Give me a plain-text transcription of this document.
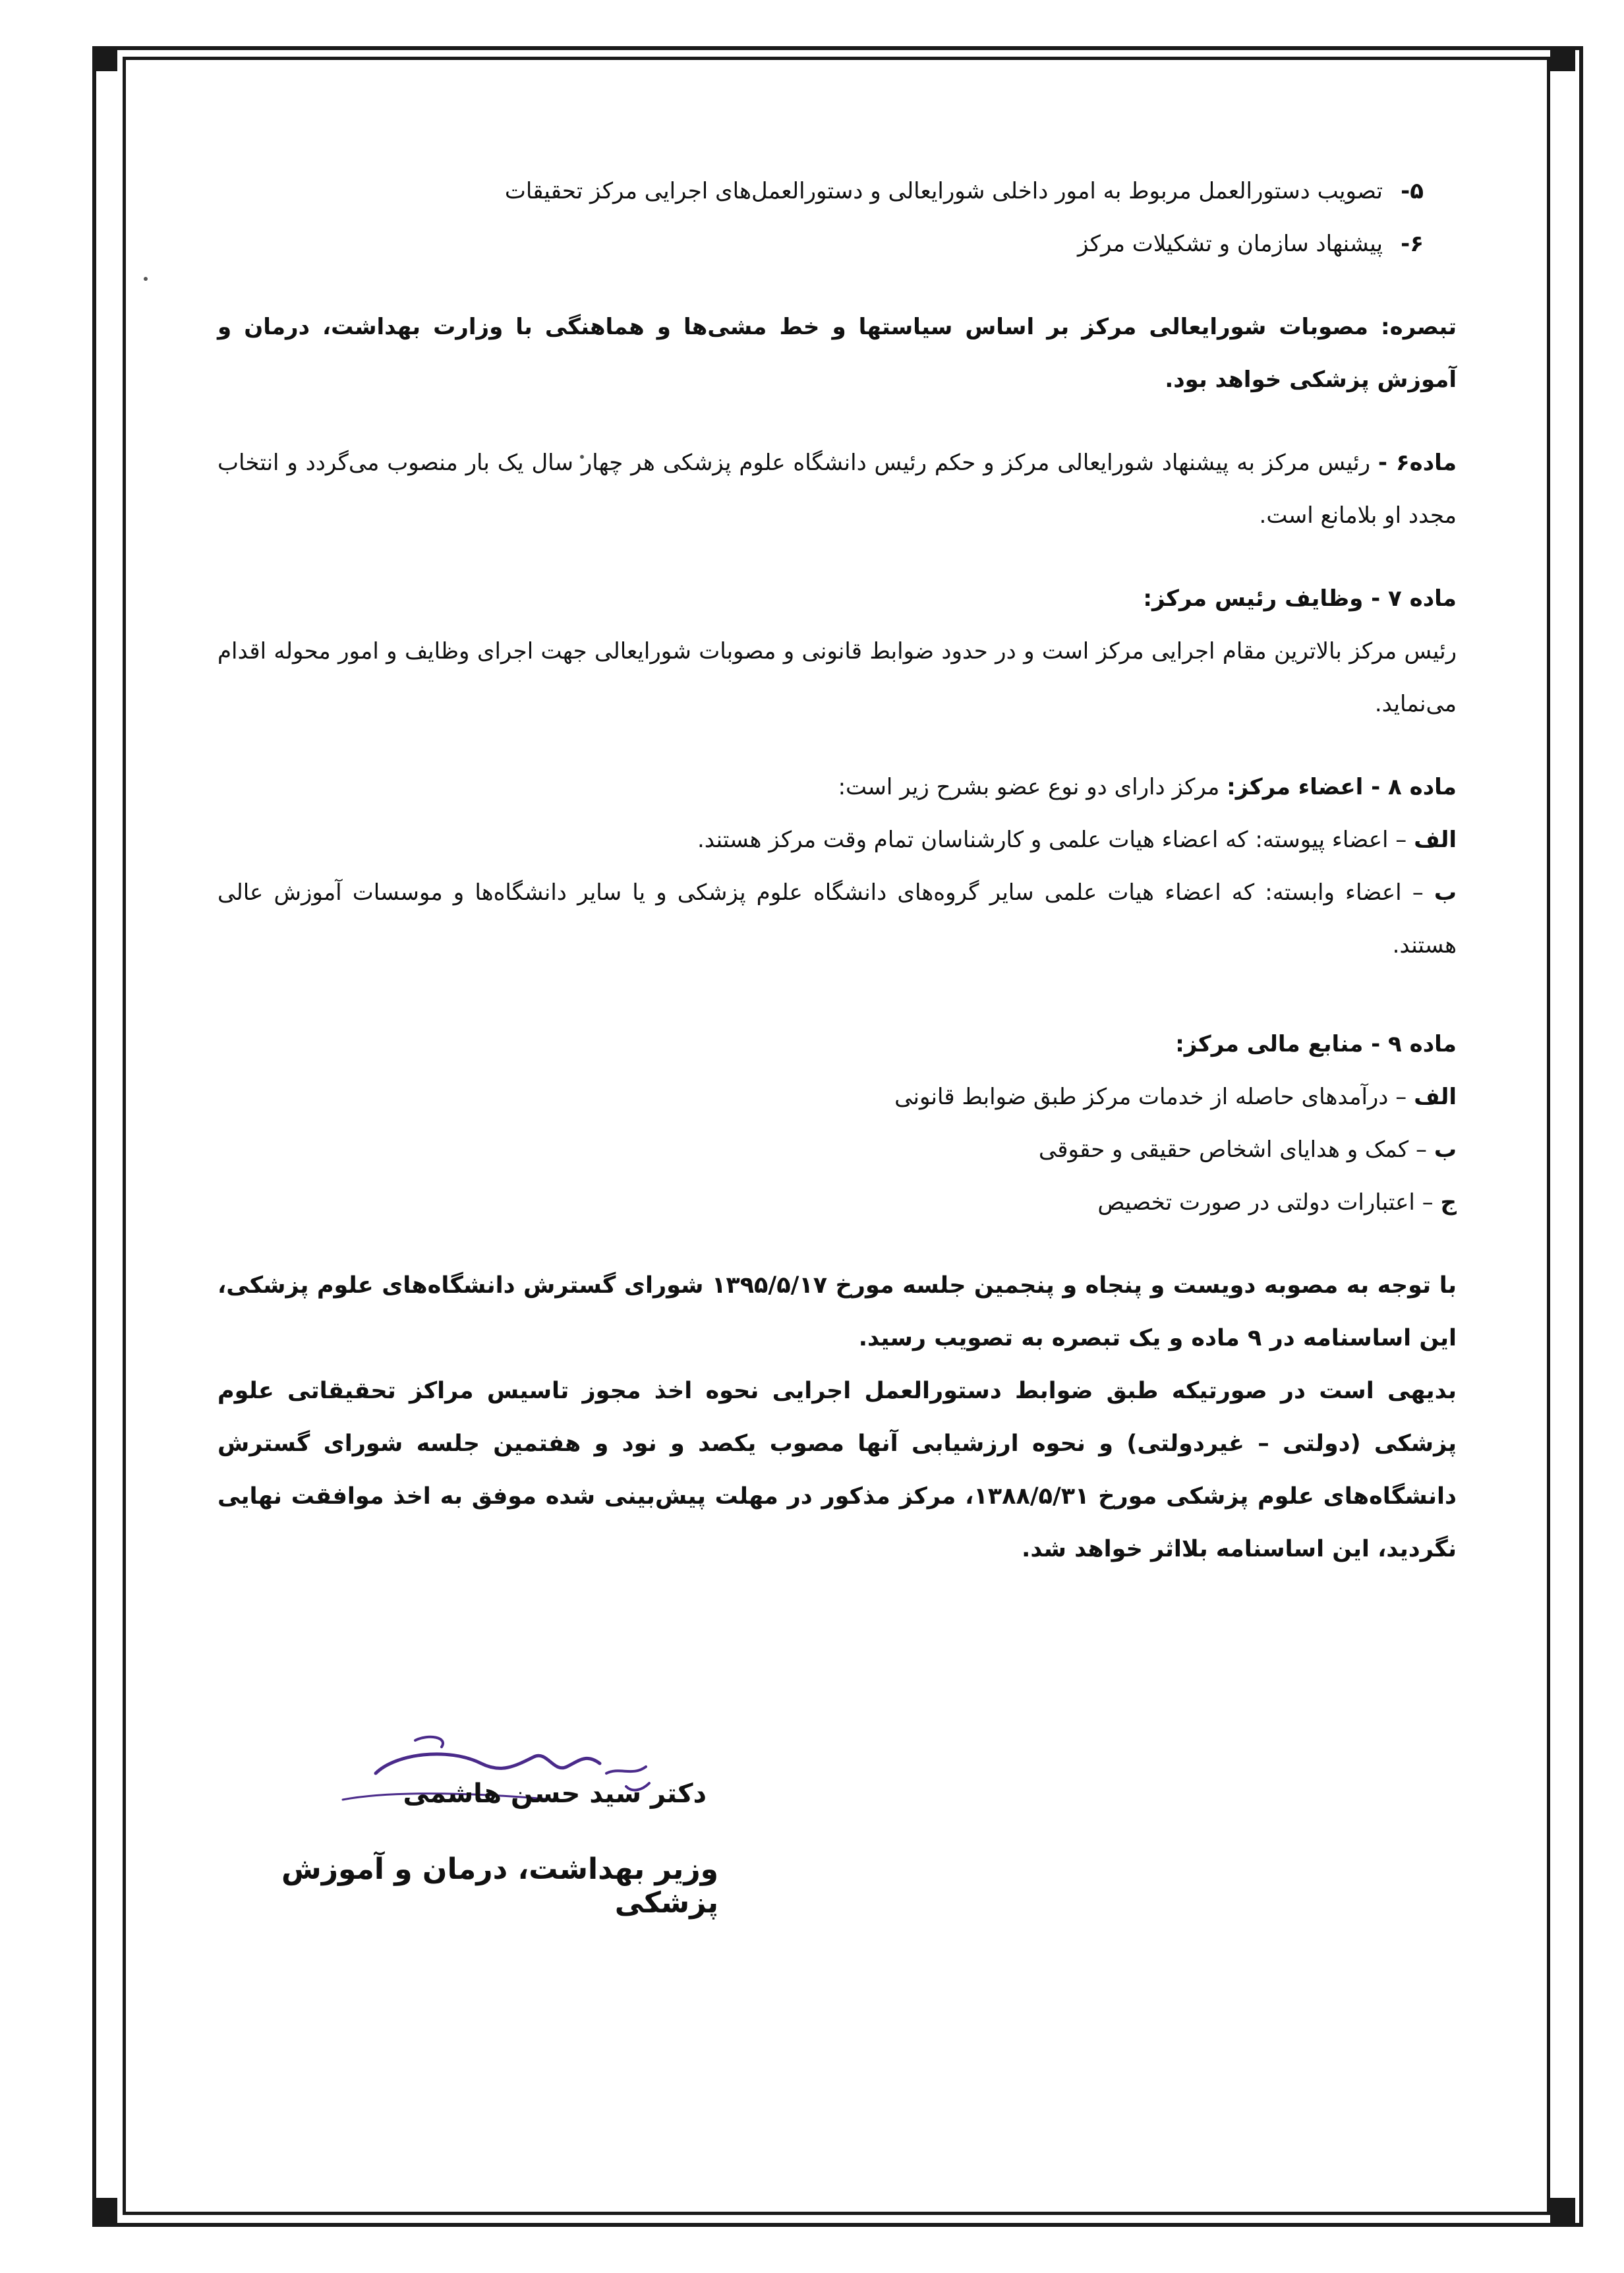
۵-
تصویب دستورالعمل مربوط به امور داخلی شورایعالی و دستورالعمل‌های اجرایی مرکز تحقیقات
۶-
پیشنهاد سازمان و تشکیلات مرکز

تبصره: مصوبات شورایعالی مرکز بر اساس سیاستها و خط مشی‌ها و هماهنگی با وزارت بهداشت، درمان و آموزش پزشکی خواهد بود.

ماده۶ - رئیس مرکز به پیشنهاد شورایعالی مرکز و حکم رئیس دانشگاه علوم پزشکی هر چهار سال یک بار منصوب می‌گردد و انتخاب مجدد او بلامانع است.

ماده ۷ - وظایف رئیس مرکز:

رئیس مرکز بالاترین مقام اجرایی مرکز است و در حدود ضوابط قانونی و مصوبات شورایعالی جهت اجرای وظایف و امور محوله اقدام می‌نماید.

ماده ۸ - اعضاء مرکز: مرکز دارای دو نوع عضو بشرح زیر است:

الف – اعضاء پیوسته: که اعضاء هیات علمی و کارشناسان تمام وقت مرکز هستند.

ب – اعضاء وابسته: که اعضاء هیات علمی سایر گروه‌های دانشگاه علوم پزشکی و یا سایر دانشگاه‌ها و موسسات آموزش عالی هستند.

ماده ۹ - منابع مالی مرکز:

الف – درآمدهای حاصله از خدمات مرکز طبق ضوابط قانونی

ب – کمک و هدایای اشخاص حقیقی و حقوقی

ج – اعتبارات دولتی در صورت تخصیص

با توجه به مصوبه دویست و پنجاه و پنجمین جلسه مورخ ۱۳۹۵/۵/۱۷ شورای گسترش دانشگاه‌های علوم پزشکی، این اساسنامه در ۹ ماده و یک تبصره به تصویب رسید.

بدیهی است در صورتیکه طبق ضوابط دستورالعمل اجرایی نحوه اخذ مجوز تاسیس مراکز تحقیقاتی علوم پزشکی (دولتی – غیردولتی) و نحوه ارزشیابی آنها مصوب یکصد و نود و هفتمین جلسه شورای گسترش دانشگاه‌های علوم پزشکی مورخ ۱۳۸۸/۵/۳۱، مرکز مذکور در مهلت پیش‌بینی شده موفق به اخذ موافقت نهایی نگردید، این اساسنامه بلااثر خواهد شد.

دکتر سید حسن هاشمی
وزیر بهداشت، درمان و آموزش پزشکی
